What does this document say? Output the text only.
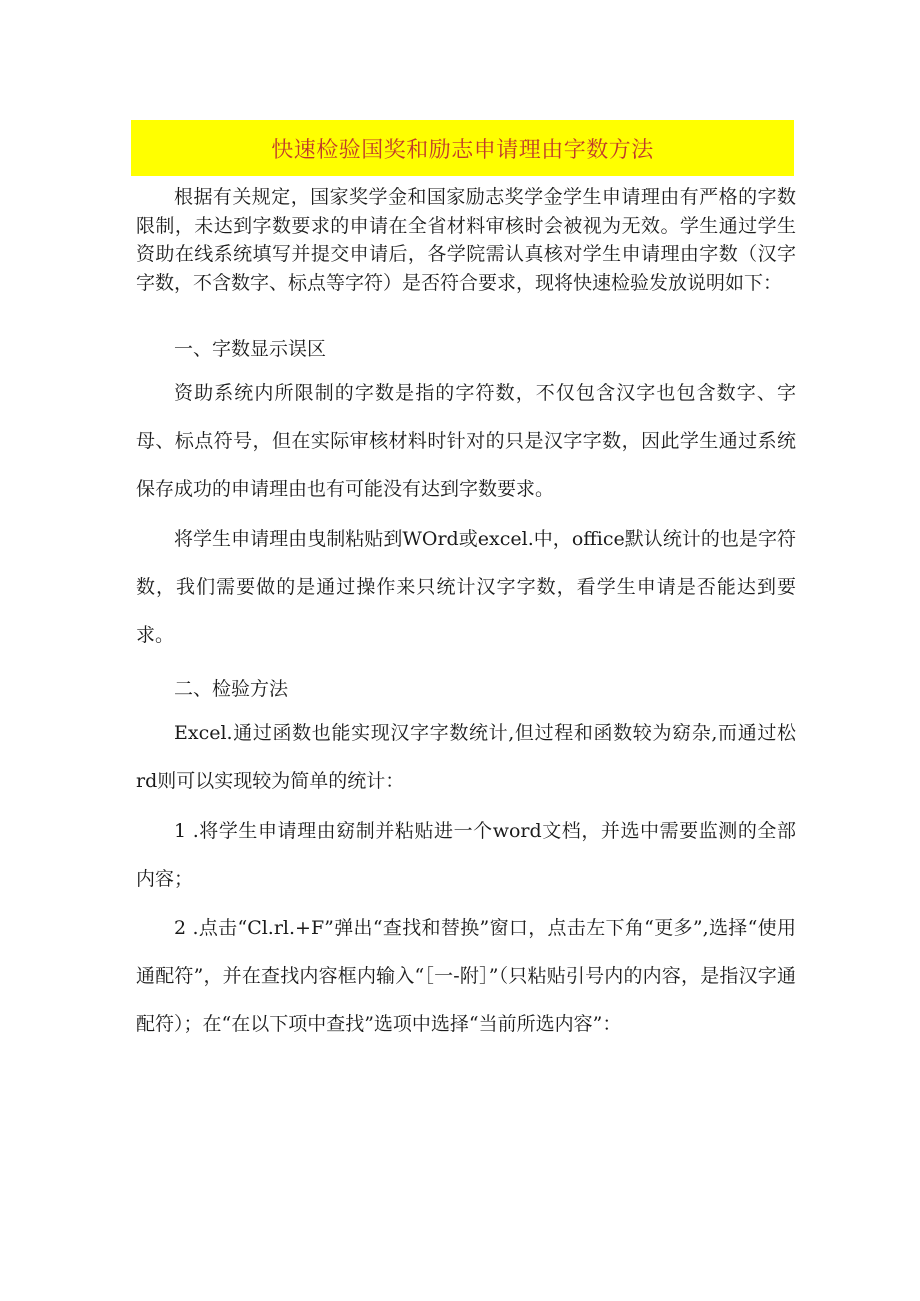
快速检验国奖和励志申请理由字数方法

根据有关规定，国家奖学金和国家励志奖学金学生申请理由有严格的字数限制，未达到字数要求的申请在全省材料审核时会被视为无效。学生通过学生资助在线系统填写并提交申请后，各学院需认真核对学生申请理由字数（汉字字数，不含数字、标点等字符）是否符合要求，现将快速检验发放说明如下：

一、字数显示误区

资助系统内所限制的字数是指的字符数，不仅包含汉字也包含数字、字母、标点符号，但在实际审核材料时针对的只是汉字字数，因此学生通过系统保存成功的申请理由也有可能没有达到字数要求。

将学生申请理由曳制粘贴到WOrd或excel.中，office默认统计的也是字符数，我们需要做的是通过操作来只统计汉字字数，看学生申请是否能达到要求。

二、检验方法

Excel.通过函数也能实现汉字字数统计,但过程和函数较为窈杂,而通过松rd则可以实现较为简单的统计：

1 .将学生申请理由窈制并粘贴进一个word文档，并选中需要监测的全部内容；

2 .点击“Cl.rl.+F”弹出“查找和替换”窗口，点击左下角“更多”,选择“使用通配符”，并在查找内容框内输入“［一-附］”（只粘贴引号内的内容，是指汉字通配符）；在“在以下项中查找”选项中选择“当前所选内容”：
